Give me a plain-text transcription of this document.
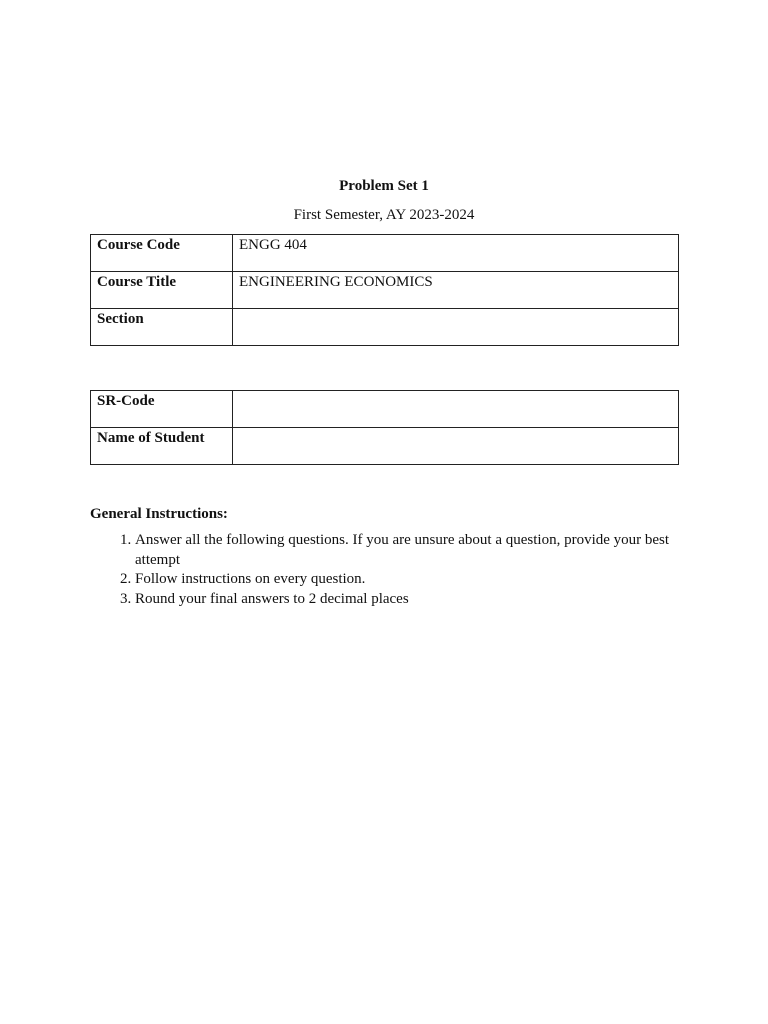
Problem Set 1
First Semester, AY 2023-2024
Course Code	ENGG 404
Course Title	ENGINEERING ECONOMICS
Section	
SR-Code	
Name of Student	
General Instructions:
1. Answer all the following questions. If you are unsure about a question, provide your best attempt
2. Follow instructions on every question.
3. Round your final answers to 2 decimal places
